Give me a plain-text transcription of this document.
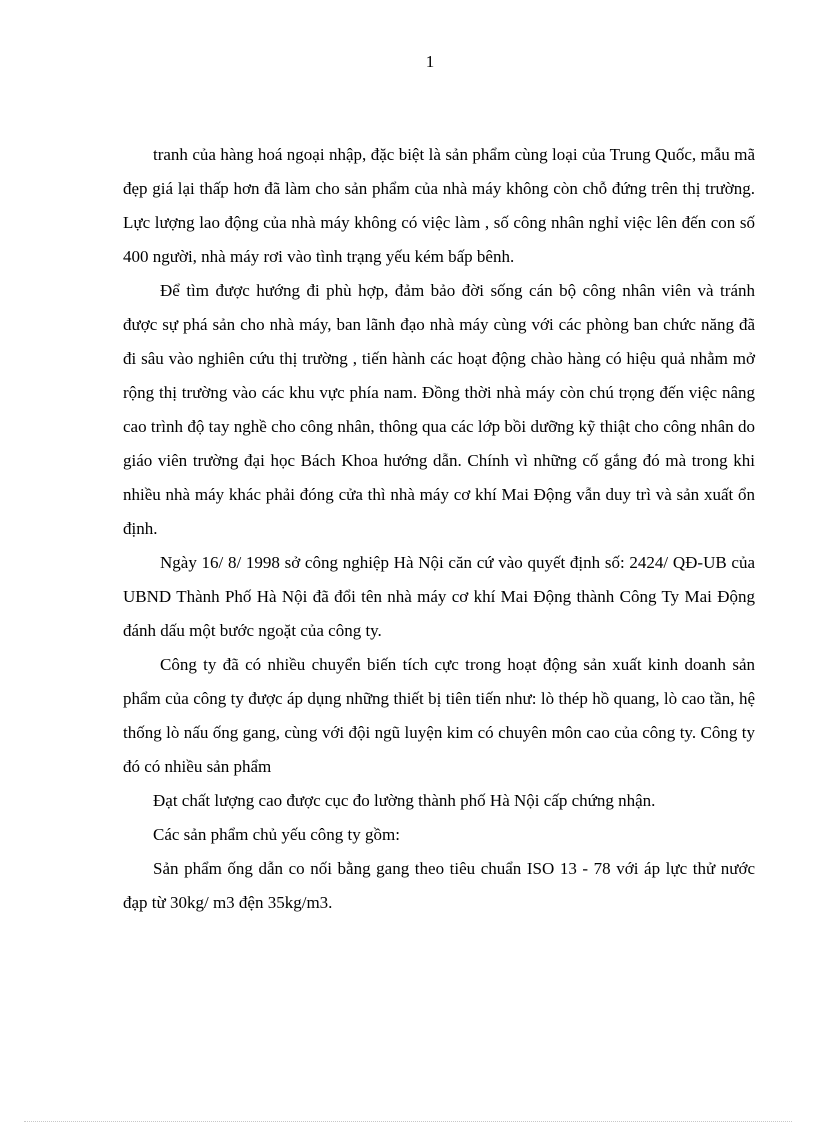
1

tranh của hàng hoá ngoại nhập, đặc biệt là sản phẩm cùng loại của Trung Quốc, mẫu mã đẹp giá lại thấp hơn đã làm cho sản phẩm của nhà máy không còn chỗ đứng trên thị trường. Lực lượng lao động của nhà máy không có việc làm , số công nhân nghỉ việc lên đến con số 400 người, nhà máy rơi vào tình trạng yếu kém bấp bênh.

Để tìm được hướng đi phù hợp, đảm bảo đời sống cán bộ công nhân viên và tránh được sự phá sản cho nhà máy, ban lãnh đạo nhà máy cùng với các phòng ban chức năng đã đi sâu vào nghiên cứu thị trường , tiến hành các hoạt động chào hàng có hiệu quả nhằm mở rộng thị trường vào các khu vực phía nam. Đồng thời nhà máy còn chú trọng đến việc nâng cao trình độ tay nghề cho công nhân, thông qua các lớp bồi dưỡng kỹ thiật cho công nhân do giáo viên trường đại học Bách Khoa hướng dẫn. Chính vì những cố gắng đó mà trong khi nhiều nhà máy khác phải đóng cửa thì nhà máy cơ khí Mai Động vẫn duy trì và sản xuất ổn định.

Ngày 16/ 8/ 1998 sở công nghiệp Hà Nội căn cứ vào quyết định số: 2424/ QĐ-UB của UBND Thành Phố Hà Nội đã đổi tên nhà máy cơ khí Mai Động thành Công Ty Mai Động đánh dấu một bước ngoặt của công ty.

Công ty đã có nhiều chuyển biến tích cực trong hoạt động sản xuất kinh doanh sản phẩm của công ty được áp dụng những thiết bị tiên tiến như: lò thép hồ quang, lò cao tần, hệ thống lò nấu ống gang, cùng với đội ngũ luyện kim có chuyên môn cao của công ty. Công ty đó có nhiều sản phẩm

Đạt chất lượng cao được cục đo lường thành phố Hà Nội cấp chứng nhận.

Các sản phẩm chủ yếu công ty gồm:

Sản phẩm ống dẫn co nối bằng gang theo tiêu chuẩn ISO 13 - 78 với áp lực thử nước đạp từ 30kg/ m3 đện 35kg/m3.
